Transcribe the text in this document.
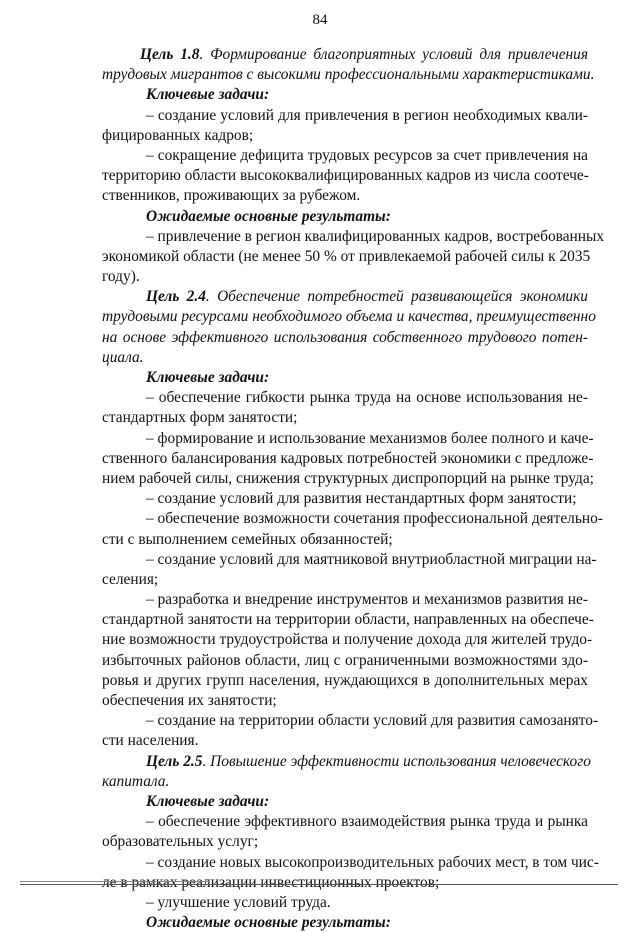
84
Цель 1.8. Формирование благоприятных условий для привлечения
трудовых мигрантов с высокими профессиональными характеристиками.
Ключевые задачи:
– создание условий для привлечения в регион необходимых квали-
фицированных кадров;
– сокращение дефицита трудовых ресурсов за счет привлечения на
территорию области высококвалифицированных кадров из числа соотече-
ственников, проживающих за рубежом.
Ожидаемые основные результаты:
– привлечение в регион квалифицированных кадров, востребованных
экономикой области (не менее 50 % от привлекаемой рабочей силы к 2035
году).
Цель 2.4. Обеспечение потребностей развивающейся экономики
трудовыми ресурсами необходимого объема и качества, преимущественно
на основе эффективного использования собственного трудового потен-
циала.
Ключевые задачи:
– обеспечение гибкости рынка труда на основе использования не-
стандартных форм занятости;
– формирование и использование механизмов более полного и каче-
ственного балансирования кадровых потребностей экономики с предложе-
нием рабочей силы, снижения структурных диспропорций на рынке труда;
– создание условий для развития нестандартных форм занятости;
– обеспечение возможности сочетания профессиональной деятельно-
сти с выполнением семейных обязанностей;
– создание условий для маятниковой внутриобластной миграции на-
селения;
– разработка и внедрение инструментов и механизмов развития не-
стандартной занятости на территории области, направленных на обеспече-
ние возможности трудоустройства и получение дохода для жителей трудо-
избыточных районов области, лиц с ограниченными возможностями здо-
ровья и других групп населения, нуждающихся в дополнительных мерах
обеспечения их занятости;
– создание на территории области условий для развития самозанято-
сти населения.
Цель 2.5. Повышение эффективности использования человеческого
капитала.
Ключевые задачи:
– обеспечение эффективного взаимодействия рынка труда и рынка
образовательных услуг;
– создание новых высокопроизводительных рабочих мест, в том чис-
ле в рамках реализации инвестиционных проектов;
– улучшение условий труда.
Ожидаемые основные результаты:
